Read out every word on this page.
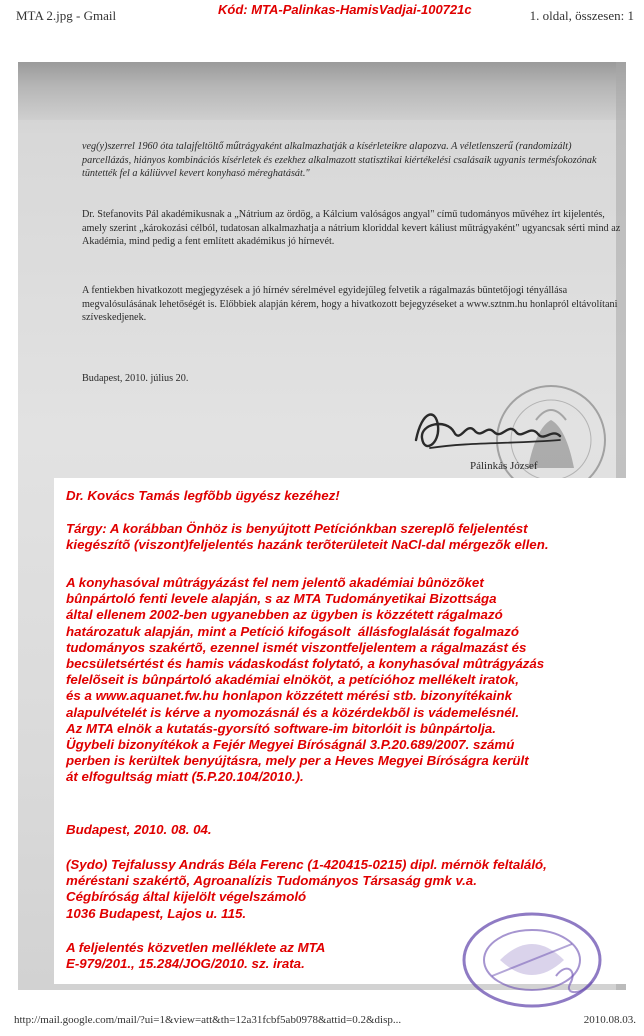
MTA 2.jpg - Gmail	Kód: MTA-Palinkas-HamisVadjai-100721c	1. oldal, összesen: 1
veg(y)szerrel 1960 óta talajfeltöltő műtrágyaként alkalmazhatják a kísérleteikre alapozva. A véletlenszerű (randomizált) parcellázás, hiányos kombinációs kísérletek és ezekhez alkalmazott statisztikai kiértékelési csalásaik ugyanis termésfokozónak tüntették fel a káliüvvel kevert konyhasó méreghatását."
Dr. Stefanovits Pál akadémikusnak a „Nátrium az ördög, a Kálcium valóságos angyal" című tudományos művéhez írt kijelentés, amely szerint „károkozási célból, tudatosan alkalmazhatja a nátrium kloriddal kevert káliust műtrágyaként" ugyancsak sérti mind az Akadémia, mind pedig a fent említett akadémikus jó hírnevét.
A fentiekben hivatkozott megjegyzések a jó hírnév sérelmével egyidejűleg felvetik a rágalmazás büntetőjogi tényállása megvalósulásának lehetőségét is. Előbbiek alapján kérem, hogy a hivatkozott bejegyzéseket a www.sztnm.hu honlapról eltávolítani szíveskedjenek.
Budapest, 2010. július 20.
Pálinkás József

Dr. Kovács Tamás legfõbb ügyész kezéhez!

Tárgy: A korábban Önhöz is benyújtott Petíciónkban szereplõ feljelentést
kiegészítõ (viszont)feljelentés hazánk terõterületeit NaCl-dal mérgezõk ellen.

A konyhasóval mûtrágyázást fel nem jelentõ akadémiai bûnözõket
bûnpártoló fenti levele alapján, s az MTA Tudományetikai Bizottsága
által ellenem 2002-ben ugyanebben az ügyben is közzétett rágalmazó
határozatuk alapján, mint a Petíció kifogásolt  állásfoglalását fogalmazó
tudományos szakértõ, ezennel ismét viszontfeljelentem a rágalmazást és
becsületsértést és hamis vádaskodást folytató, a konyhasóval mûtrágyázás
felelõseit is bûnpártoló akadémiai elnököt, a petícióhoz mellékelt iratok,
és a www.aquanet.fw.hu honlapon közzétett mérési stb. bizonyítékaink
alapulvételét is kérve a nyomozásnál és a közérdekbõl is vádemelésnél.
Az MTA elnök a kutatás-gyorsító software-im bitorlóit is bûnpártolja.
Ügybeli bizonyítékok a Fejér Megyei Bíróságnál 3.P.20.689/2007. számú
perben is kerültek benyújtásra, mely per a Heves Megyei Bíróságra került
át elfogultság miatt (5.P.20.104/2010.).

Budapest, 2010. 08. 04.

(Sydo) Tejfalussy András Béla Ferenc (1-420415-0215) dipl. mérnök feltaláló,
méréstani szakértõ, Agroanalízis Tudományos Társaság gmk v.a.
Cégbíróság által kijelölt végelszámoló
1036 Budapest, Lajos u. 115.

A feljelentés közvetlen melléklete az MTA
E-979/201., 15.284/JOG/2010. sz. irata.

http://mail.google.com/mail/?ui=1&view=att&th=12a31fcbf5ab0978&attid=0.2&disp...	2010.08.03.
